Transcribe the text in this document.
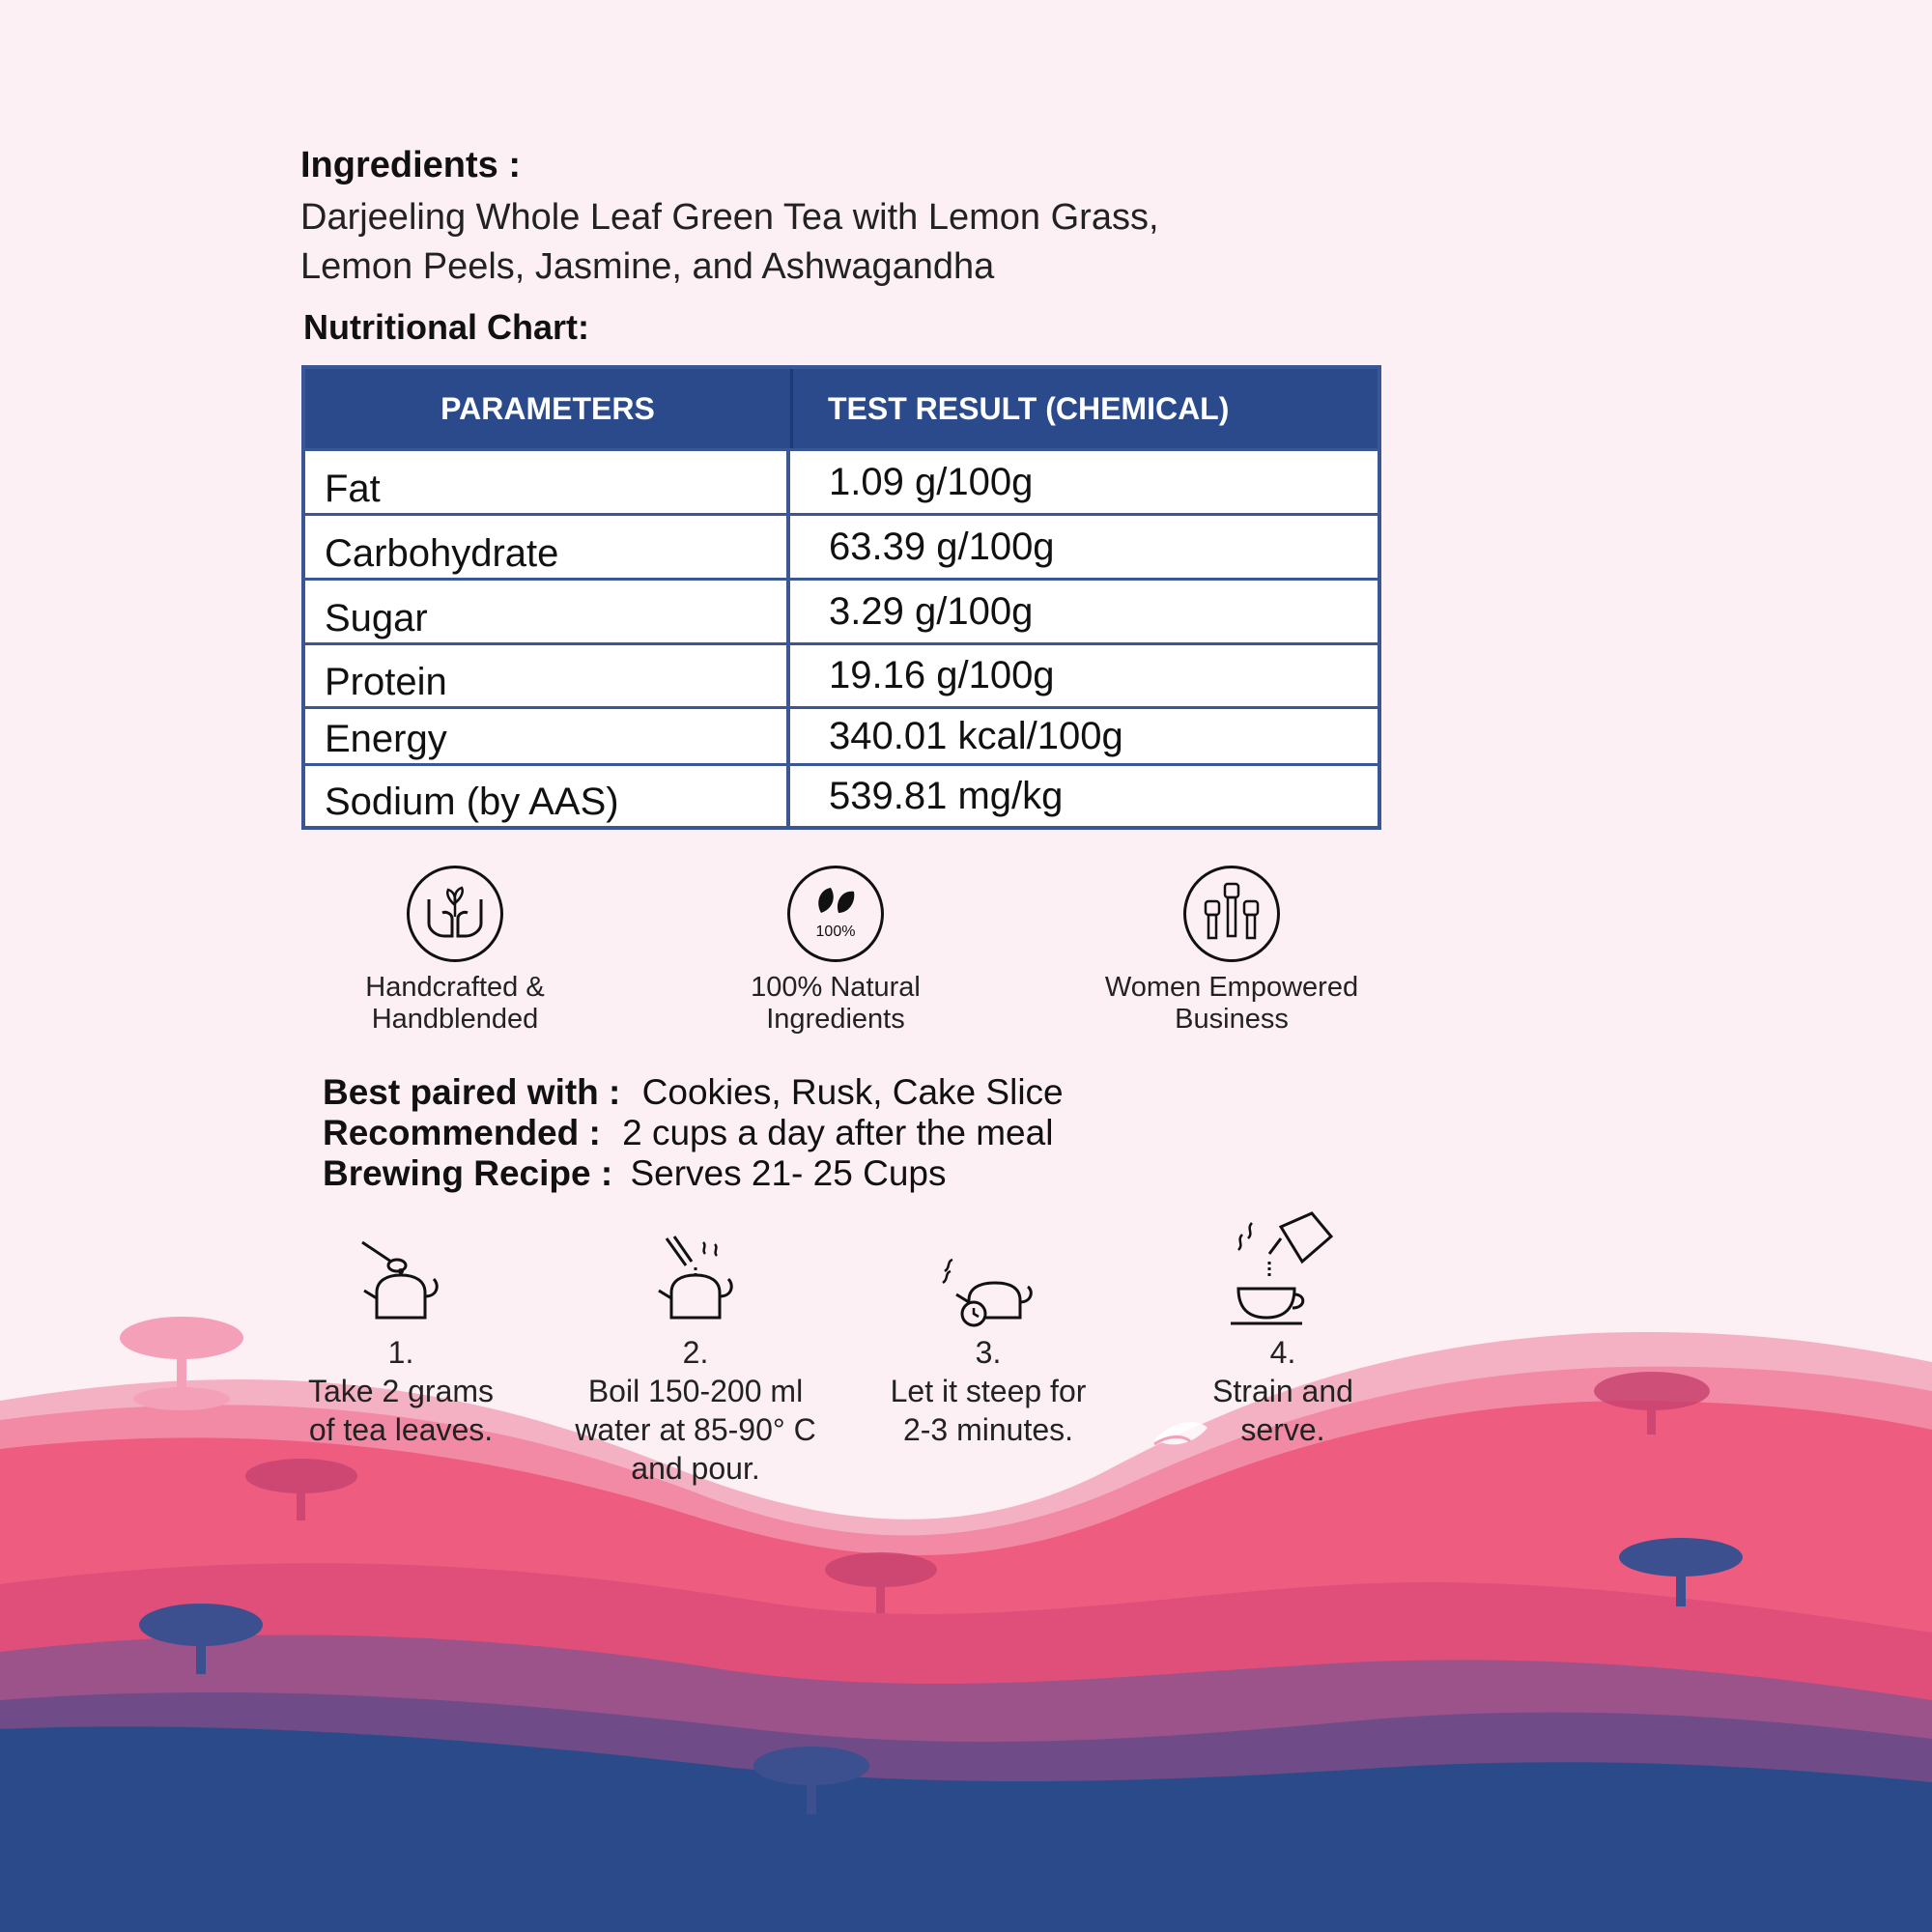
Ingredients :
Darjeeling Whole Leaf Green Tea with Lemon Grass,
Lemon Peels, Jasmine, and Ashwagandha
Nutritional Chart:
PARAMETERS	TEST RESULT (CHEMICAL)
Fat	1.09 g/100g
Carbohydrate	63.39 g/100g
Sugar	3.29 g/100g
Protein	19.16 g/100g
Energy	340.01 kcal/100g
Sodium (by AAS)	539.81 mg/kg
Handcrafted &
Handblended
100%
100% Natural
Ingredients
Women Empowered
Business
Best paired with : Cookies, Rusk, Cake Slice
Recommended : 2 cups a day after the meal
Brewing Recipe : Serves 21- 25 Cups
1.
Take 2 grams
of tea leaves.
2.
Boil 150-200 ml
water at 85-90° C
and pour.
3.
Let it steep for
2-3 minutes.
4.
Strain and
serve.
